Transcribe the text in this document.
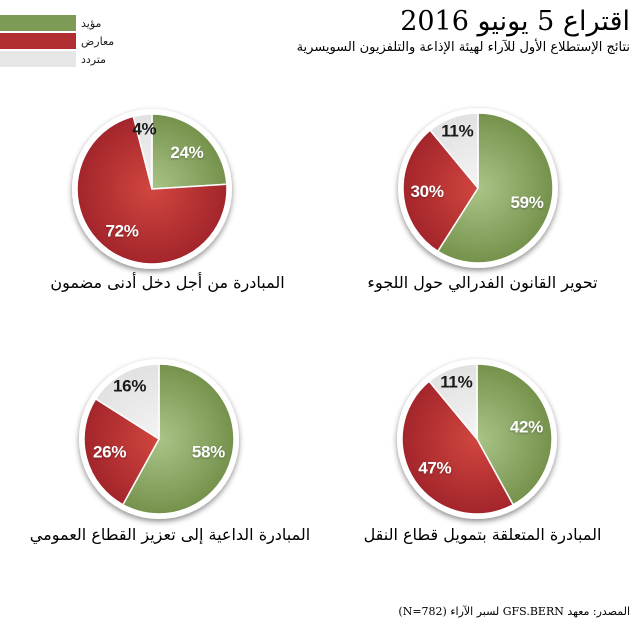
مؤيد
معارض
متردد
اقتراع 5 يونيو 2016
نتائج الإستطلاع الأول للآراء لهيئة الإذاعة والتلفزيون السويسرية
24%
72%
4%
59%
30%
11%
58%
26%
16%
42%
47%
11%
المبادرة من أجل دخل أدنى مضمون	تحوير القانون الفدرالي حول اللجوء
المبادرة الداعية إلى تعزيز القطاع العمومي	المبادرة المتعلقة بتمويل قطاع النقل
المصدر: معهد GFS.BERN لسبر الآراء (N=782)
